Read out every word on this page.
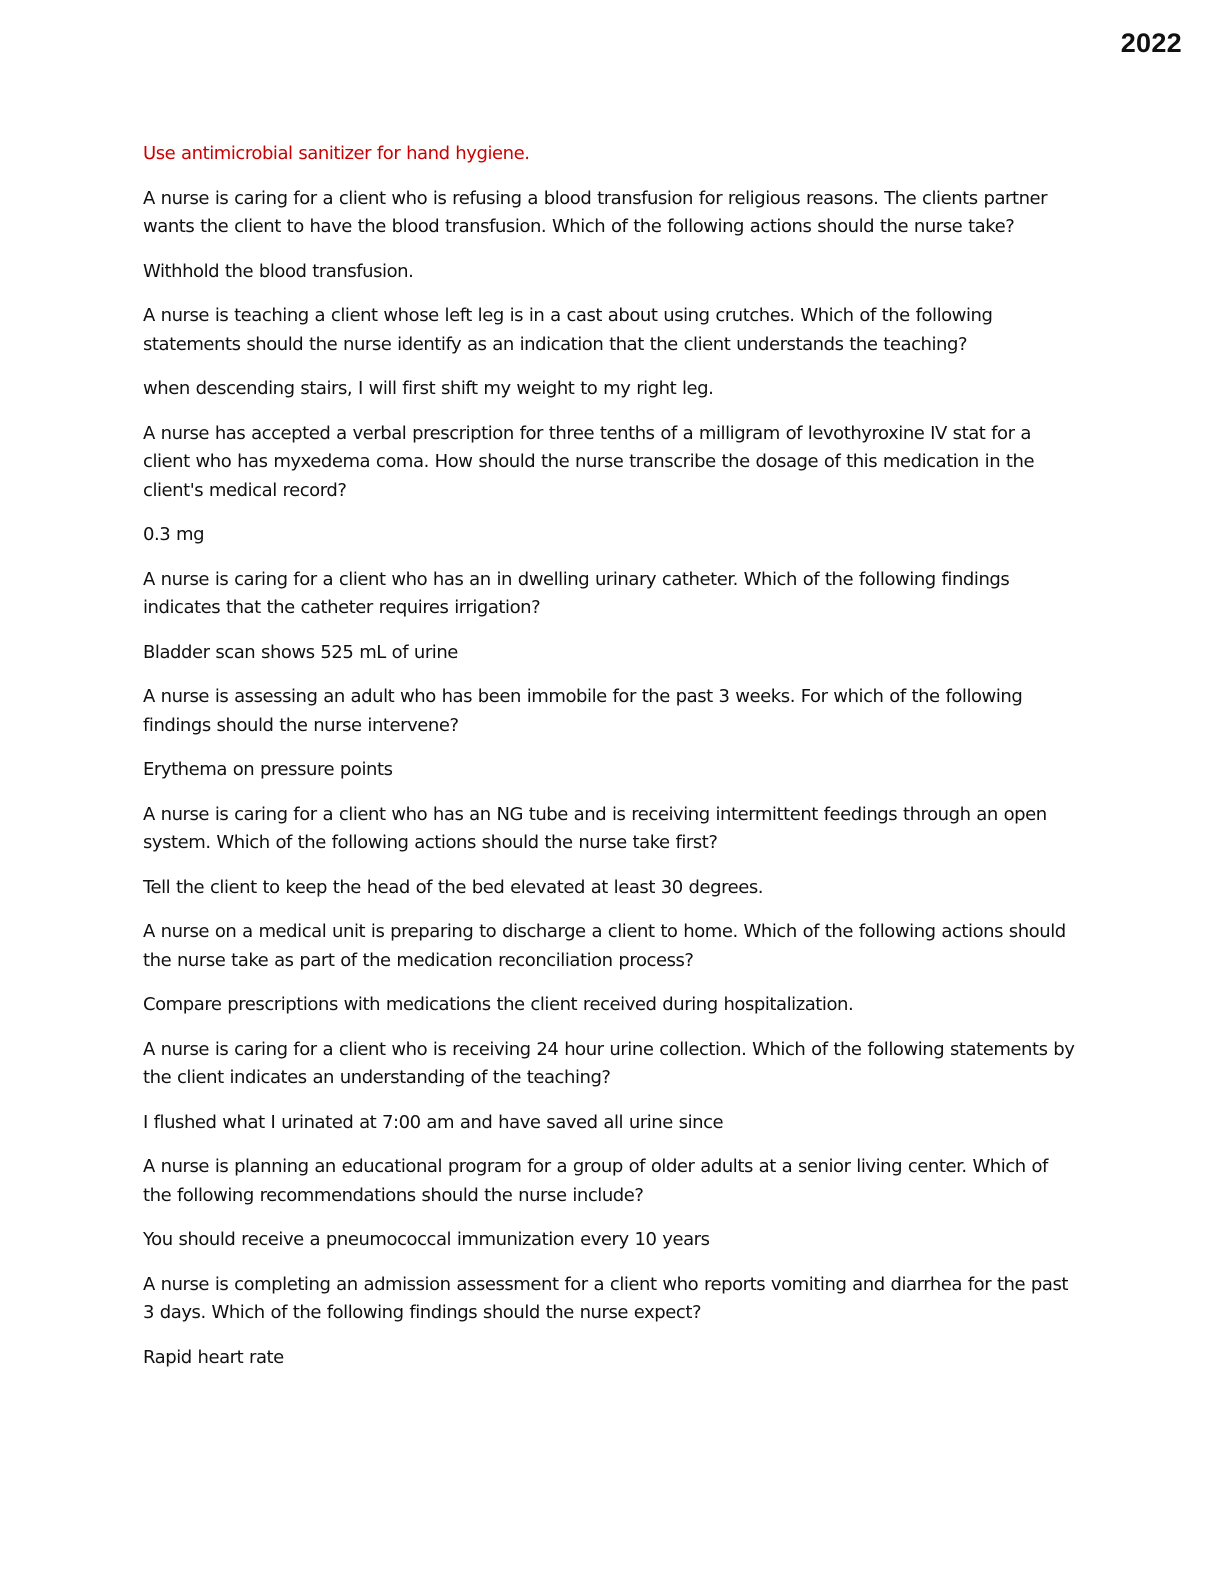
2022

Use antimicrobial sanitizer for hand hygiene.

A nurse is caring for a client who is refusing a blood transfusion for religious reasons. The clients partner wants the client to have the blood transfusion. Which of the following actions should the nurse take?

Withhold the blood transfusion.

A nurse is teaching a client whose left leg is in a cast about using crutches. Which of the following statements should the nurse identify as an indication that the client understands the teaching?

when descending stairs, I will first shift my weight to my right leg.

A nurse has accepted a verbal prescription for three tenths of a milligram of levothyroxine IV stat for a client who has myxedema coma. How should the nurse transcribe the dosage of this medication in the client's medical record?

0.3 mg

A nurse is caring for a client who has an in dwelling urinary catheter. Which of the following findings indicates that the catheter requires irrigation?

Bladder scan shows 525 mL of urine

A nurse is assessing an adult who has been immobile for the past 3 weeks. For which of the following findings should the nurse intervene?

Erythema on pressure points

A nurse is caring for a client who has an NG tube and is receiving intermittent feedings through an open system. Which of the following actions should the nurse take first?

Tell the client to keep the head of the bed elevated at least 30 degrees.

A nurse on a medical unit is preparing to discharge a client to home. Which of the following actions should the nurse take as part of the medication reconciliation process?

Compare prescriptions with medications the client received during hospitalization.

A nurse is caring for a client who is receiving 24 hour urine collection. Which of the following statements by the client indicates an understanding of the teaching?

I flushed what I urinated at 7:00 am and have saved all urine since

A nurse is planning an educational program for a group of older adults at a senior living center. Which of the following recommendations should the nurse include?

You should receive a pneumococcal immunization every 10 years

A nurse is completing an admission assessment for a client who reports vomiting and diarrhea for the past 3 days. Which of the following findings should the nurse expect?

Rapid heart rate
